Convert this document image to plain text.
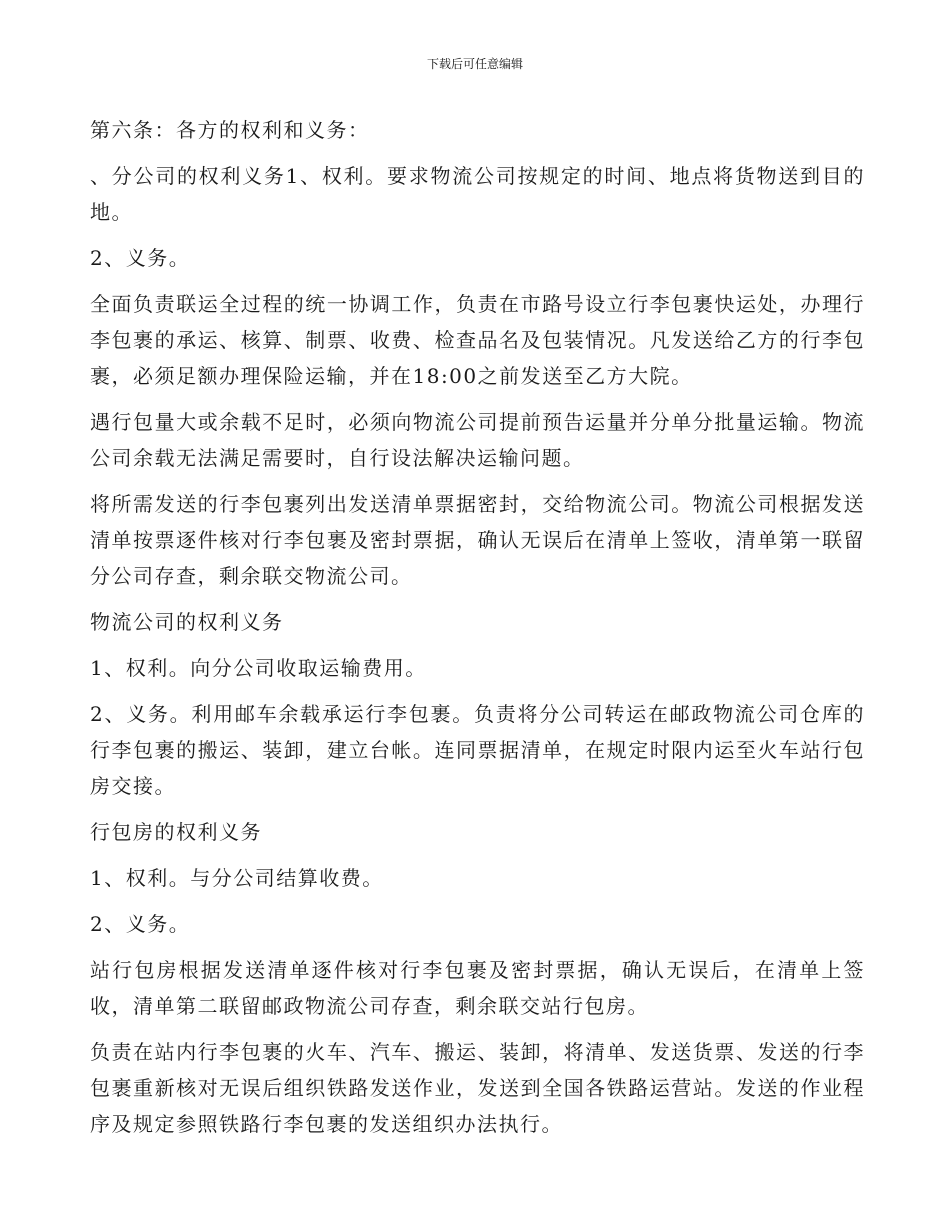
下载后可任意编辑

第六条：各方的权利和义务：

、分公司的权利义务1、权利。要求物流公司按规定的时间、地点将货物送到目的地。

2、义务。

全面负责联运全过程的统一协调工作，负责在市路号设立行李包裹快运处，办理行李包裹的承运、核算、制票、收费、检查品名及包装情况。凡发送给乙方的行李包裹，必须足额办理保险运输，并在18:00之前发送至乙方大院。

遇行包量大或余载不足时，必须向物流公司提前预告运量并分单分批量运输。物流公司余载无法满足需要时，自行设法解决运输问题。

将所需发送的行李包裹列出发送清单票据密封，交给物流公司。物流公司根据发送清单按票逐件核对行李包裹及密封票据，确认无误后在清单上签收，清单第一联留分公司存查，剩余联交物流公司。

物流公司的权利义务

1、权利。向分公司收取运输费用。

2、义务。利用邮车余载承运行李包裹。负责将分公司转运在邮政物流公司仓库的行李包裹的搬运、装卸，建立台帐。连同票据清单，在规定时限内运至火车站行包房交接。

行包房的权利义务

1、权利。与分公司结算收费。

2、义务。

站行包房根据发送清单逐件核对行李包裹及密封票据，确认无误后，在清单上签收，清单第二联留邮政物流公司存查，剩余联交站行包房。

负责在站内行李包裹的火车、汽车、搬运、装卸，将清单、发送货票、发送的行李包裹重新核对无误后组织铁路发送作业，发送到全国各铁路运营站。发送的作业程序及规定参照铁路行李包裹的发送组织办法执行。
